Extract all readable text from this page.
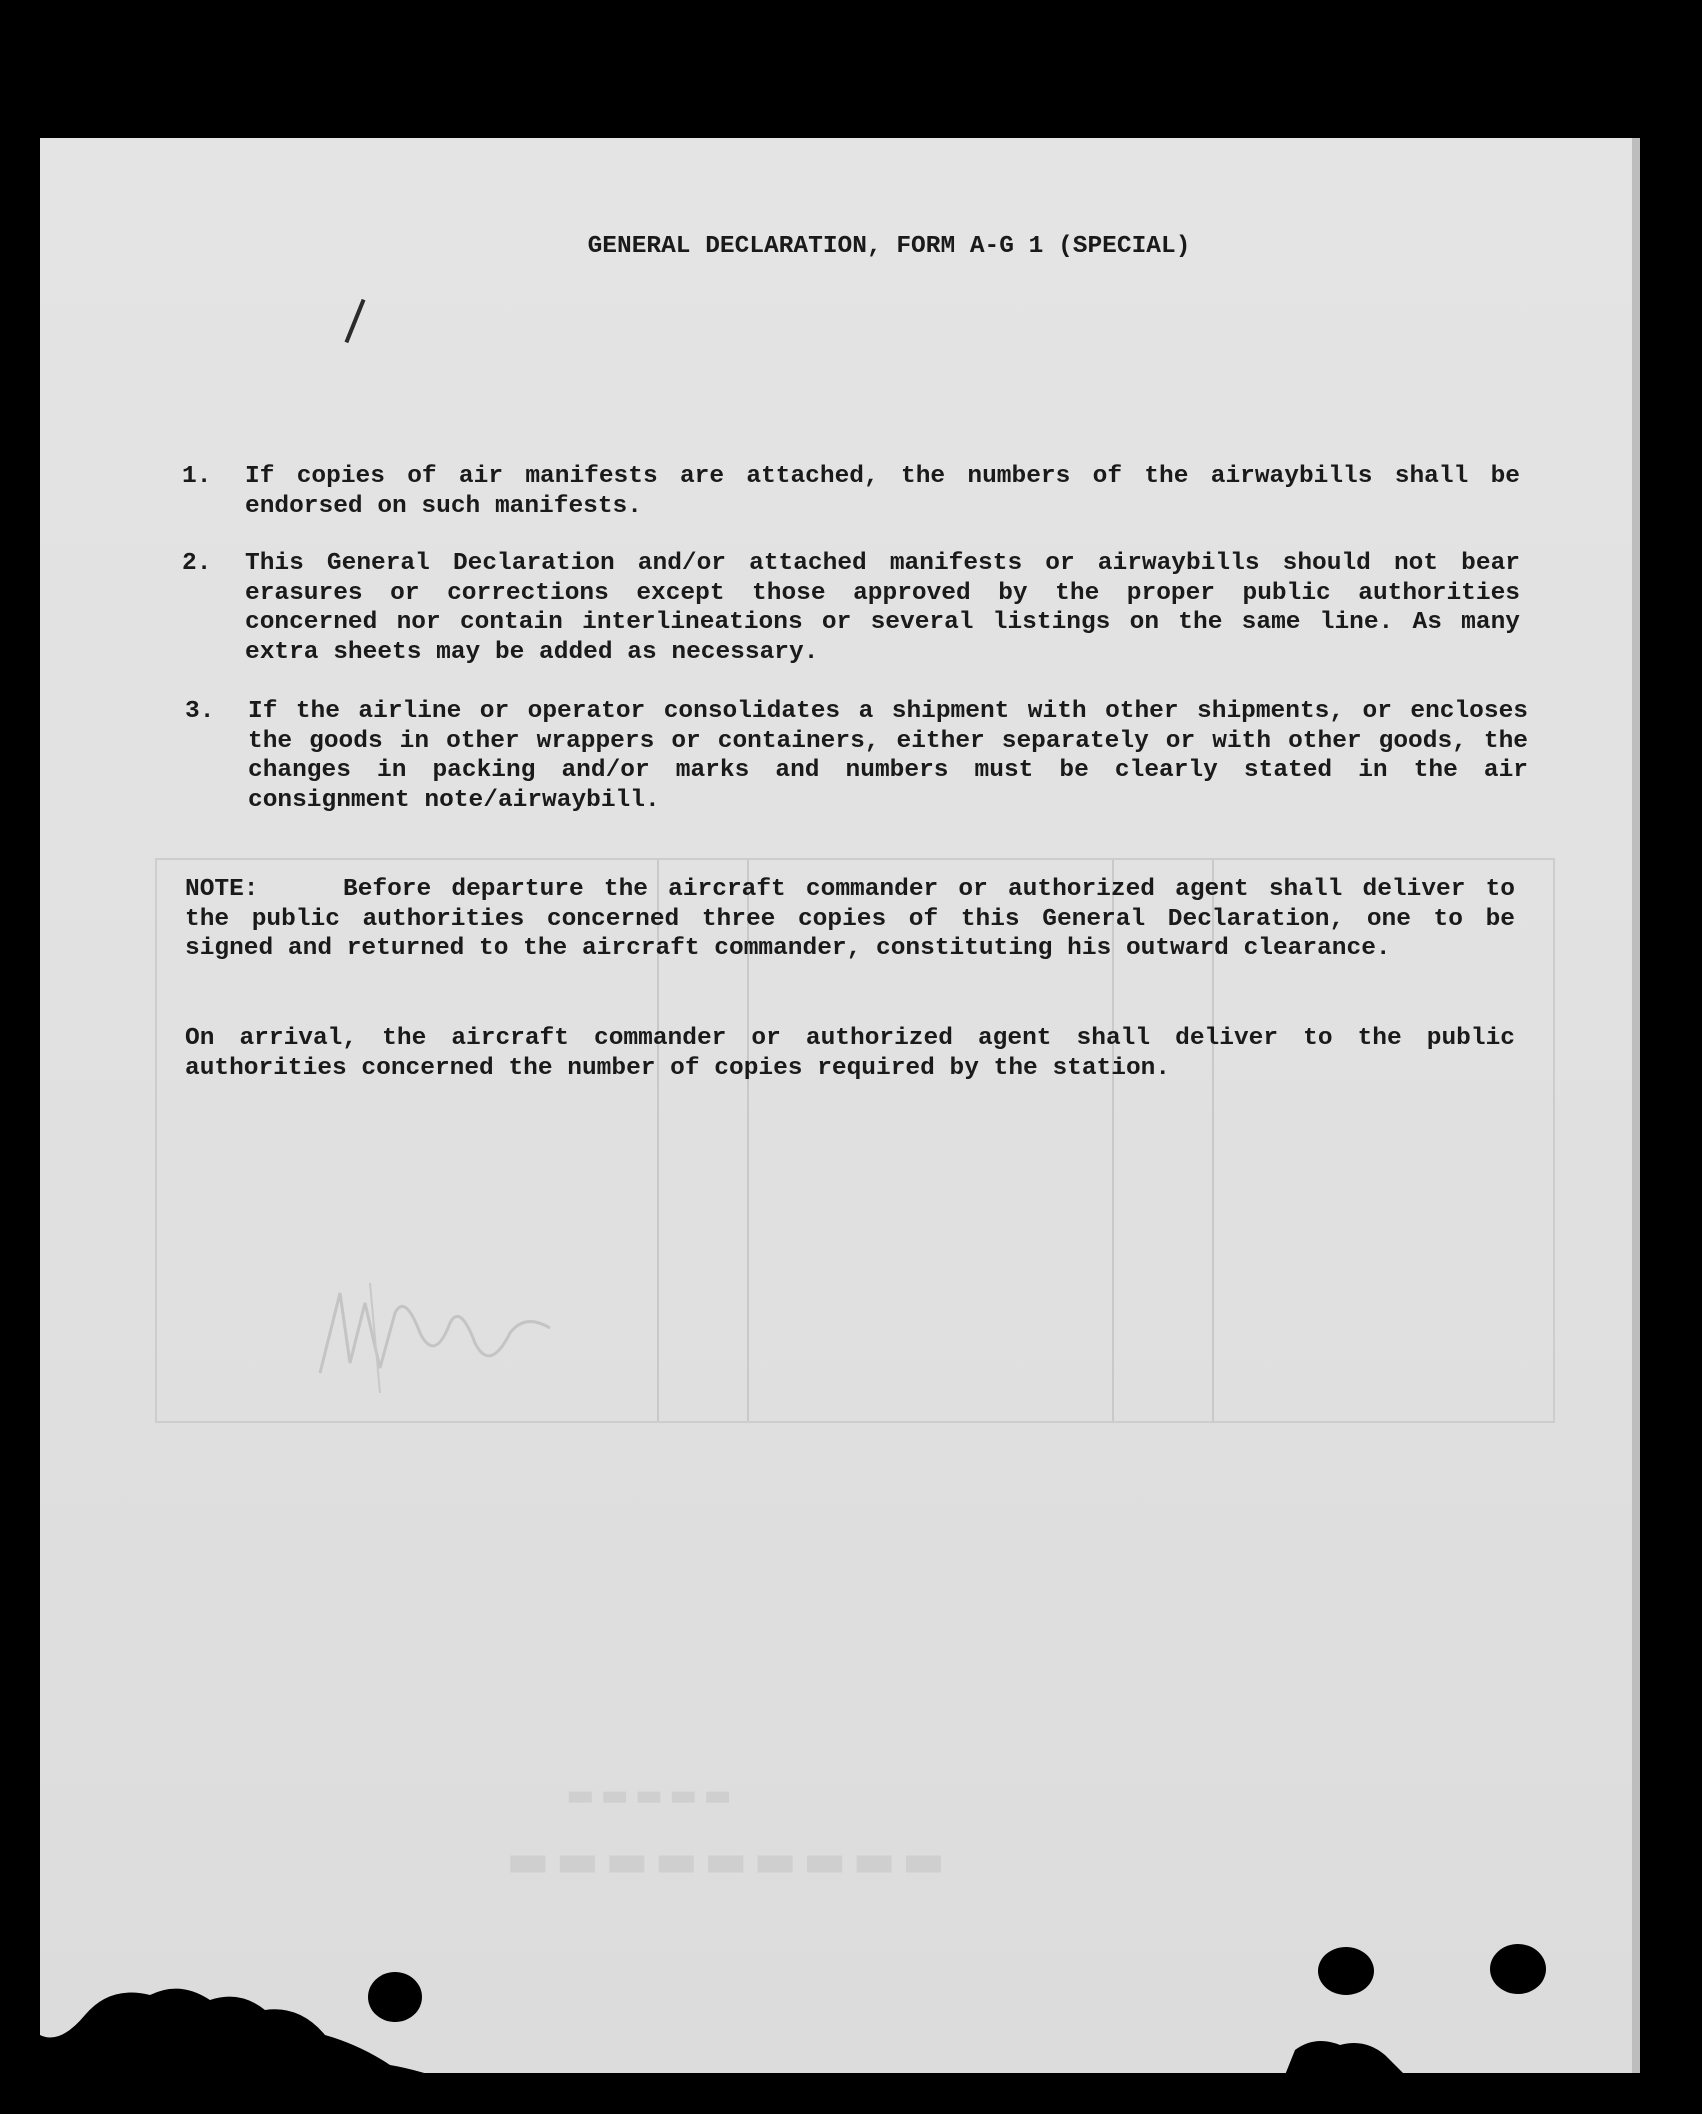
▬▬▬▬▬▬▬▬▬
▬▬▬▬▬
GENERAL DECLARATION, FORM A-G 1 (SPECIAL)
1. If copies of air manifests are attached, the numbers of the airwaybills shall be endorsed on such manifests.
2. This General Declaration and/or attached manifests or airwaybills should not bear erasures or corrections except those approved by the proper public authorities concerned nor contain interlineations or several listings on the same line. As many extra sheets may be added as necessary.
3. If the airline or operator consolidates a shipment with other shipments, or encloses the goods in other wrappers or containers, either separately or with other goods, the changes in packing and/or marks and numbers must be clearly stated in the air consignment note/airwaybill.
NOTE:	Before departure the aircraft commander or authorized agent shall deliver to the public authorities concerned three copies of this General Declaration, one to be signed and returned to the aircraft commander, constituting his outward clearance.
On arrival, the aircraft commander or authorized agent shall deliver to the public authorities concerned the number of copies required by the station.
